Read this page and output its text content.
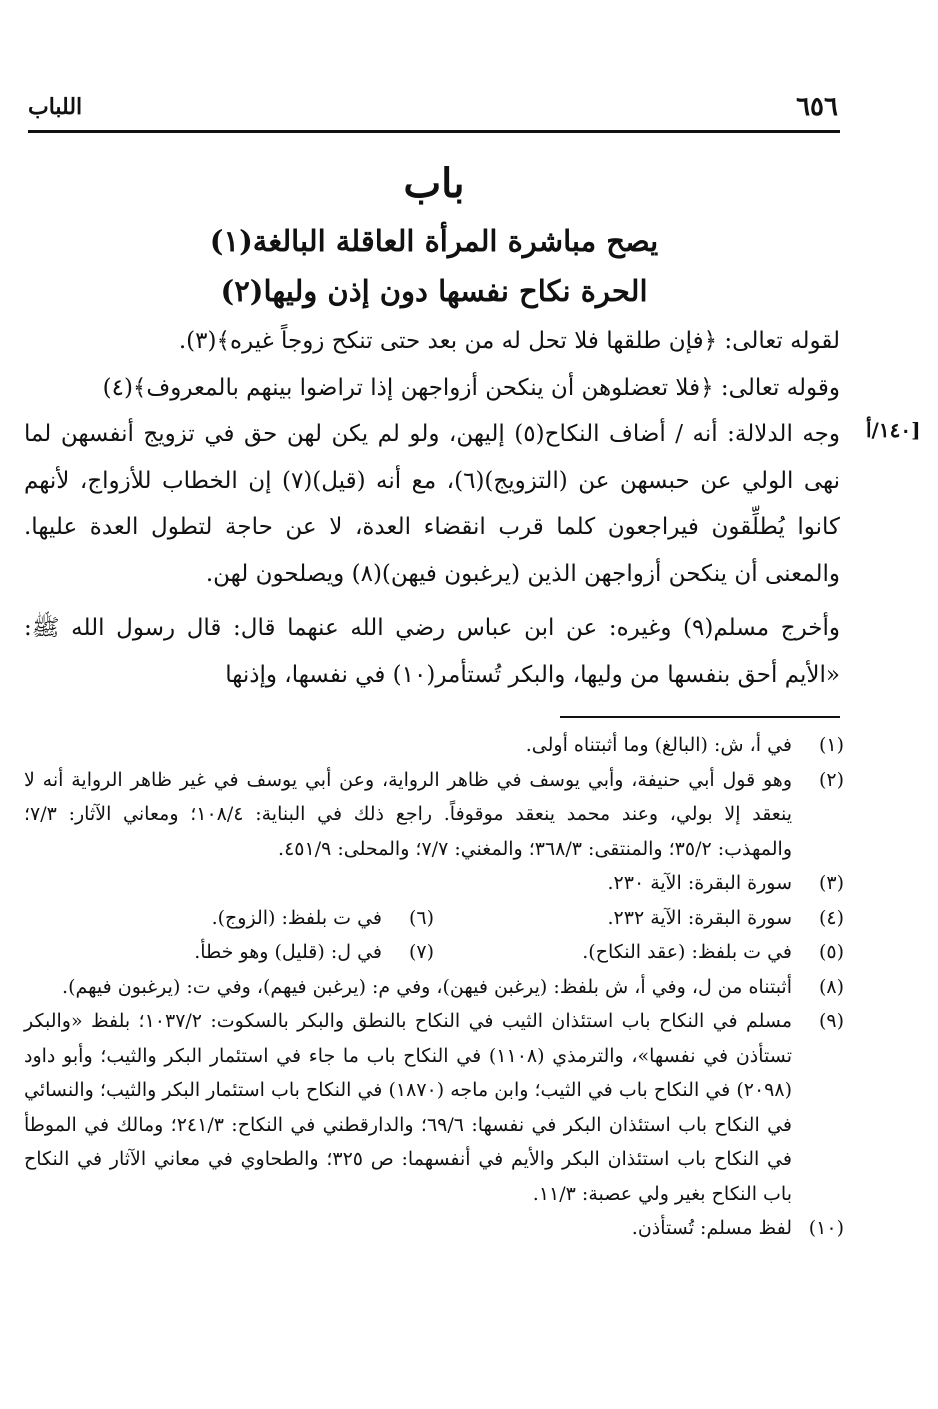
٦٥٦
اللباب
باب
يصح مباشرة المرأة العاقلة البالغة(١)
الحرة نكاح نفسها دون إذن وليها(٢)
١٤٠/أ]

لقوله تعالى: ﴿فإن طلقها فلا تحل له من بعد حتى تنكح زوجاً غيره﴾(٣).

وقوله تعالى: ﴿فلا تعضلوهن أن ينكحن أزواجهن إذا تراضوا بينهم بالمعروف﴾(٤)

وجه الدلالة: أنه / أضاف النكاح(٥) إليهن، ولو لم يكن لهن حق في تزويج أنفسهن لما نهى الولي عن حبسهن عن (التزويج)(٦)، مع أنه (قيل)(٧) إن الخطاب للأزواج، لأنهم كانوا يُطلِّقون فيراجعون كلما قرب انقضاء العدة، لا عن حاجة لتطول العدة عليها. والمعنى أن ينكحن أزواجهن الذين (يرغبون فيهن)(٨) ويصلحون لهن.

وأخرج مسلم(٩) وغيره: عن ابن عباس رضي الله عنهما قال: قال رسول الله ﷺ: «الأيم أحق بنفسها من وليها، والبكر تُستأمر(١٠) في نفسها، وإذنها

(١)
في أ، ش: (البالغ) وما أثبتناه أولى.
(٢)
وهو قول أبي حنيفة، وأبي يوسف في ظاهر الرواية، وعن أبي يوسف في غير ظاهر الرواية أنه لا ينعقد إلا بولي، وعند محمد ينعقد موقوفاً. راجع ذلك في البناية: ١٠٨/٤؛ ومعاني الآثار: ٧/٣؛ والمهذب: ٣٥/٢؛ والمنتقى: ٣٦٨/٣؛ والمغني: ٧/٧؛ والمحلى: ٤٥١/٩.
(٣)
سورة البقرة: الآية ٢٣٠.
(٤)
سورة البقرة: الآية ٢٣٢.
(٦)
في ت بلفظ: (الزوج).
(٥)
في ت بلفظ: (عقد النكاح).
(٧)
في ل: (قليل) وهو خطأ.
(٨)
أثبتناه من ل، وفي أ، ش بلفظ: (يرغبن فيهن)، وفي م: (يرغبن فيهم)، وفي ت: (يرغبون فيهم).
(٩)
مسلم في النكاح باب استئذان الثيب في النكاح بالنطق والبكر بالسكوت: ١٠٣٧/٢؛ بلفظ «والبكر تستأذن في نفسها»، والترمذي (١١٠٨) في النكاح باب ما جاء في استئمار البكر والثيب؛ وأبو داود (٢٠٩٨) في النكاح باب في الثيب؛ وابن ماجه (١٨٧٠) في النكاح باب استئمار البكر والثيب؛ والنسائي في النكاح باب استئذان البكر في نفسها: ٦٩/٦؛ والدارقطني في النكاح: ٢٤١/٣؛ ومالك في الموطأ في النكاح باب استئذان البكر والأيم في أنفسهما: ص ٣٢٥؛ والطحاوي في معاني الآثار في النكاح باب النكاح بغير ولي عصبة: ١١/٣.
(١٠)
لفظ مسلم: تُستأذن.
